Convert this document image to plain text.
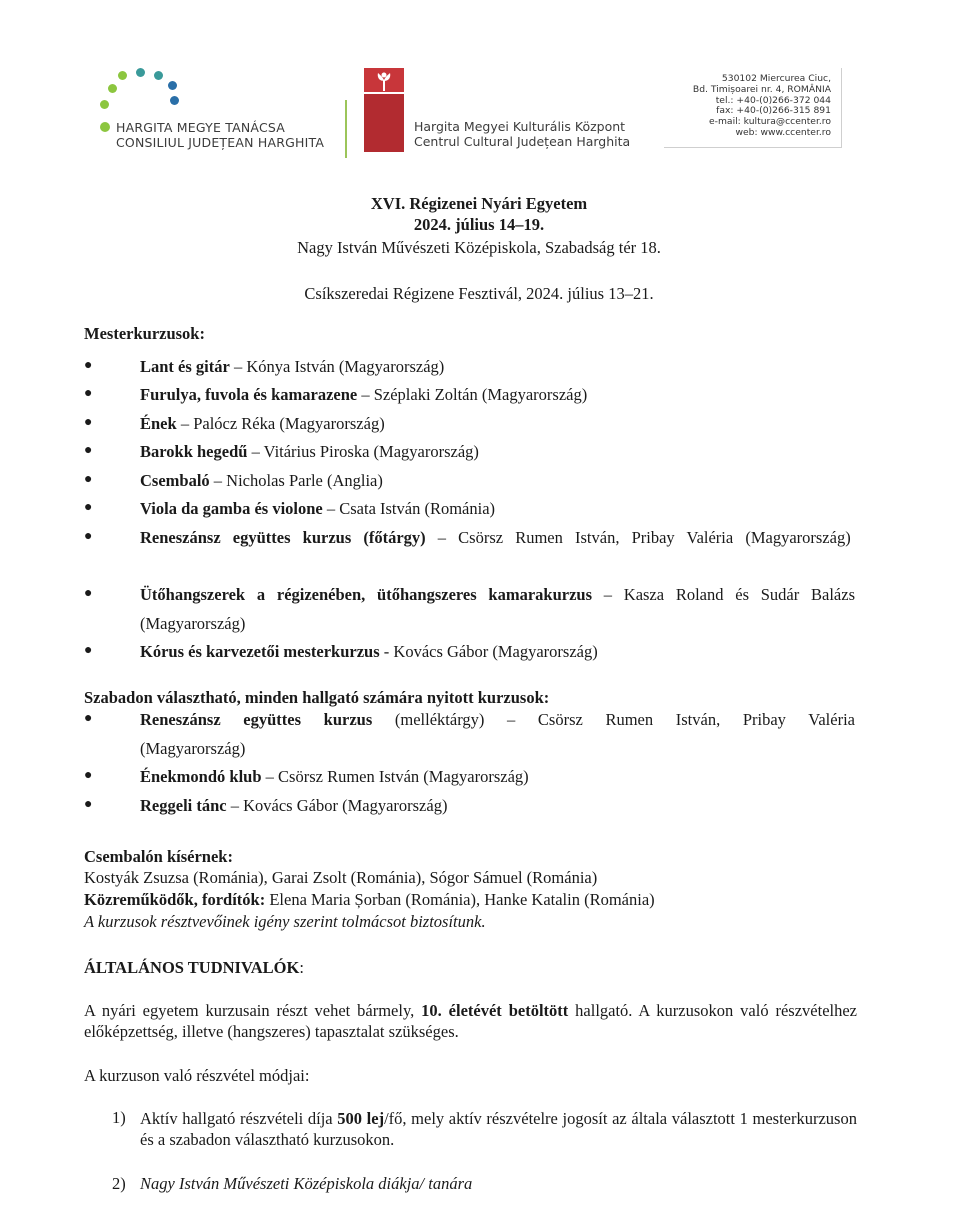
HARGITA MEGYE TANÁCSA
CONSILIUL JUDEȚEAN HARGHITA
Hargita Megyei Kulturális Központ
Centrul Cultural Județean Harghita
530102 Miercurea Ciuc,
Bd. Timișoarei nr. 4, ROMÂNIA
tel.: +40-(0)266-372 044
fax: +40-(0)266-315 891
e-mail: kultura@ccenter.ro
web: www.ccenter.ro
XVI. Régizenei Nyári Egyetem
2024. július 14–19.
Nagy István Művészeti Középiskola, Szabadság tér 18.
Csíkszeredai Régizene Fesztivál, 2024. július 13–21.
Mesterkurzusok:
●	Lant és gitár – Kónya István (Magyarország)
●	Furulya, fuvola és kamarazene – Széplaki Zoltán (Magyarország)
●	Ének – Palócz Réka (Magyarország)
●	Barokk hegedű – Vitárius Piroska (Magyarország)
●	Csembaló – Nicholas Parle (Anglia)
●	Viola da gamba és violone – Csata István (Románia)
●	Reneszánsz együttes kurzus (főtárgy) – Csörsz Rumen István, Pribay Valéria (Magyarország)
●	Ütőhangszerek a régizenében, ütőhangszeres kamarakurzus – Kasza Roland és Sudár Balázs (Magyarország)
●	Kórus és karvezetői mesterkurzus - Kovács Gábor (Magyarország)
Szabadon választható, minden hallgató számára nyitott kurzusok:
●	Reneszánsz együttes kurzus (melléktárgy) – Csörsz Rumen István, Pribay Valéria (Magyarország)
●	Énekmondó klub – Csörsz Rumen István (Magyarország)
●	Reggeli tánc – Kovács Gábor (Magyarország)
Csembalón kísérnek:
Kostyák Zsuzsa (Románia), Garai Zsolt (Románia), Sógor Sámuel (Románia)
Közreműködők, fordítók: Elena Maria Șorban (Románia), Hanke Katalin (Románia)
A kurzusok résztvevőinek igény szerint tolmácsot biztosítunk.
ÁLTALÁNOS TUDNIVALÓK:
A nyári egyetem kurzusain részt vehet bármely, 10. életévét betöltött hallgató. A kurzusokon való részvételhez előképzettség, illetve (hangszeres) tapasztalat szükséges.
A kurzuson való részvétel módjai:
1) Aktív hallgató részvételi díja 500 lej/fő, mely aktív részvételre jogosít az általa választott 1 mesterkurzuson és a szabadon választható kurzusokon.
2) Nagy István Művészeti Középiskola diákja/ tanára
